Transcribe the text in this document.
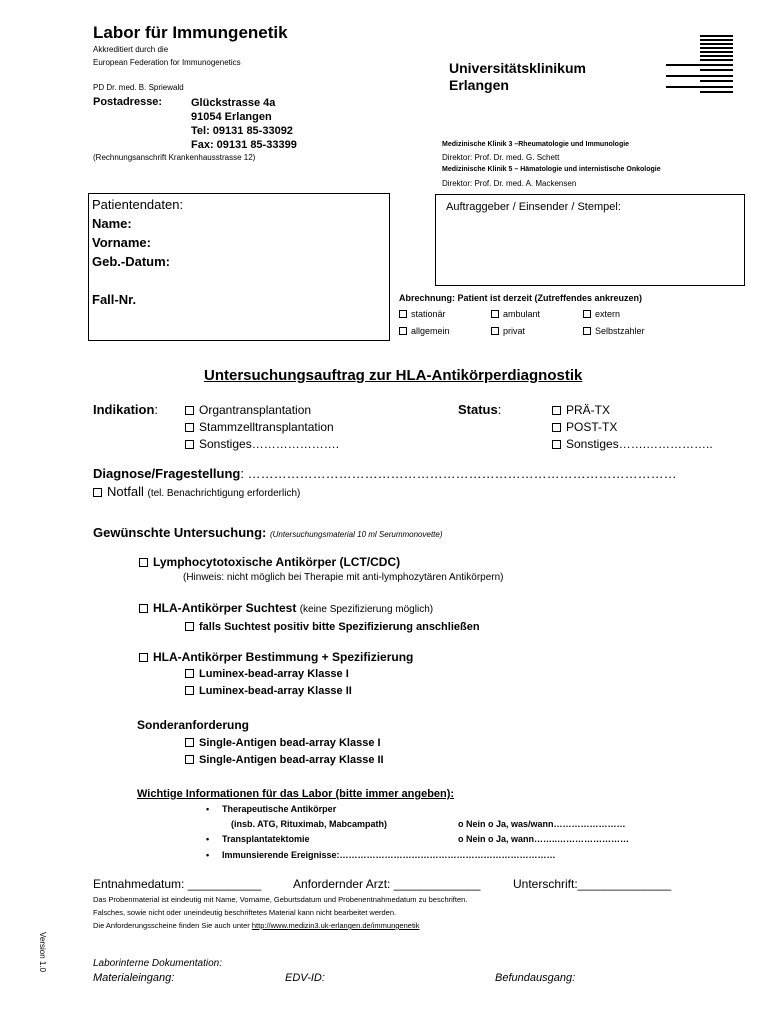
Labor für Immungenetik
Akkreditiert durch die
European Federation for Immunogenetics
PD Dr. med. B. Spriewald
Postadresse:	Glückstrasse 4a
91054 Erlangen
Tel: 09131 85-33092
Fax: 09131 85-33399
(Rechnungsanschrift Krankenhausstrasse 12)
Universitätsklinikum
Erlangen
Medizinische Klinik 3 –Rheumatologie und Immunologie
Direktor: Prof. Dr. med. G. Schett
Medizinische Klinik 5 – Hämatologie und internistische Onkologie
Direktor: Prof. Dr. med. A. Mackensen
Patientendaten:
Name:
Vorname:
Geb.-Datum:
Fall-Nr.
Auftraggeber / Einsender / Stempel:
Abrechnung: Patient ist derzeit (Zutreffendes ankreuzen)
stationär	ambulant	extern
allgemein	privat	Selbstzahler
Untersuchungsauftrag zur HLA-Antikörperdiagnostik
Indikation:	Organtransplantation
Stammzelltransplantation
Sonstiges………………….
Status:	PRÄ-TX
POST-TX
Sonstiges…….……………..
Diagnose/Fragestellung: ………………………………………………………………………………………
Notfall (tel. Benachrichtigung erforderlich)
Gewünschte Untersuchung: (Untersuchungsmaterial 10 ml Serummonovette)
Lymphocytotoxische Antikörper (LCT/CDC)
(Hinweis: nicht möglich bei Therapie mit anti-lymphozytären Antikörpern)
HLA-Antikörper Suchtest (keine Spezifizierung möglich)
falls Suchtest positiv bitte Spezifizierung anschließen
HLA-Antikörper Bestimmung + Spezifizierung
Luminex-bead-array Klasse I
Luminex-bead-array Klasse II
Sonderanforderung
Single-Antigen bead-array Klasse I
Single-Antigen bead-array Klasse II
Wichtige Informationen für das Labor (bitte immer angeben):
• Therapeutische Antikörper
(insb. ATG, Rituximab, Mabcampath)	o Nein o Ja, was/wann……………………
• Transplantatektomie	o Nein o Ja, wann……..……………………
• Immunsierende Ereignisse:………………………………………………………………
Entnahmedatum: ___________	Anfordernder Arzt: _____________	Unterschrift:______________
Das Probenmaterial ist eindeutig mit Name, Vorname, Geburtsdatum und Probenentnahmedatum zu beschriften.
Falsches, sowie nicht oder uneindeutig beschriftetes Material kann nicht bearbeitet werden.
Die Anforderungsscheine finden Sie auch unter http://www.medizin3.uk-erlangen.de/immungenetik
Version 1.0	Laborinterne Dokumentation:
Materialeingang:	EDV-ID:	Befundausgang:
